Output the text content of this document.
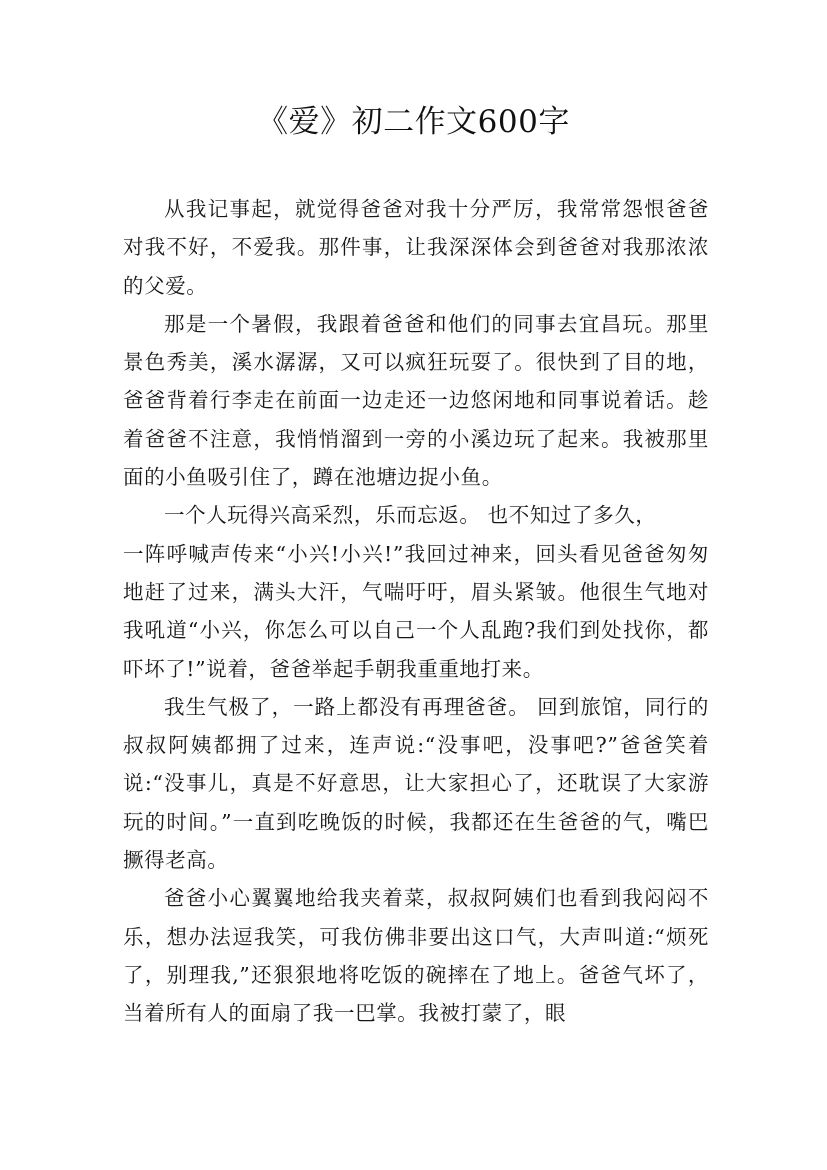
《爱》初二作文600字

从我记事起，就觉得爸爸对我十分严厉，我常常怨恨爸爸对我不好，不爱我。那件事，让我深深体会到爸爸对我那浓浓的父爱。

那是一个暑假，我跟着爸爸和他们的同事去宜昌玩。那里景色秀美，溪水潺潺，又可以疯狂玩耍了。很快到了目的地，爸爸背着行李走在前面一边走还一边悠闲地和同事说着话。趁着爸爸不注意，我悄悄溜到一旁的小溪边玩了起来。我被那里面的小鱼吸引住了，蹲在池塘边捉小鱼。

一个人玩得兴高采烈，乐而忘返。 也不知过了多久，

一阵呼喊声传来“小兴!小兴!”我回过神来，回头看见爸爸匆匆地赶了过来，满头大汗，气喘吁吁，眉头紧皱。他很生气地对我吼道“小兴，你怎么可以自己一个人乱跑?我们到处找你，都吓坏了!”说着，爸爸举起手朝我重重地打来。

我生气极了，一路上都没有再理爸爸。 回到旅馆，同行的叔叔阿姨都拥了过来，连声说:“没事吧，没事吧?”爸爸笑着说:“没事儿，真是不好意思，让大家担心了，还耽误了大家游玩的时间。”一直到吃晚饭的时候，我都还在生爸爸的气，嘴巴撅得老高。

爸爸小心翼翼地给我夹着菜，叔叔阿姨们也看到我闷闷不乐，想办法逗我笑，可我仿佛非要出这口气，大声叫道:“烦死了，别理我,”还狠狠地将吃饭的碗摔在了地上。爸爸气坏了，当着所有人的面扇了我一巴掌。我被打蒙了，眼
